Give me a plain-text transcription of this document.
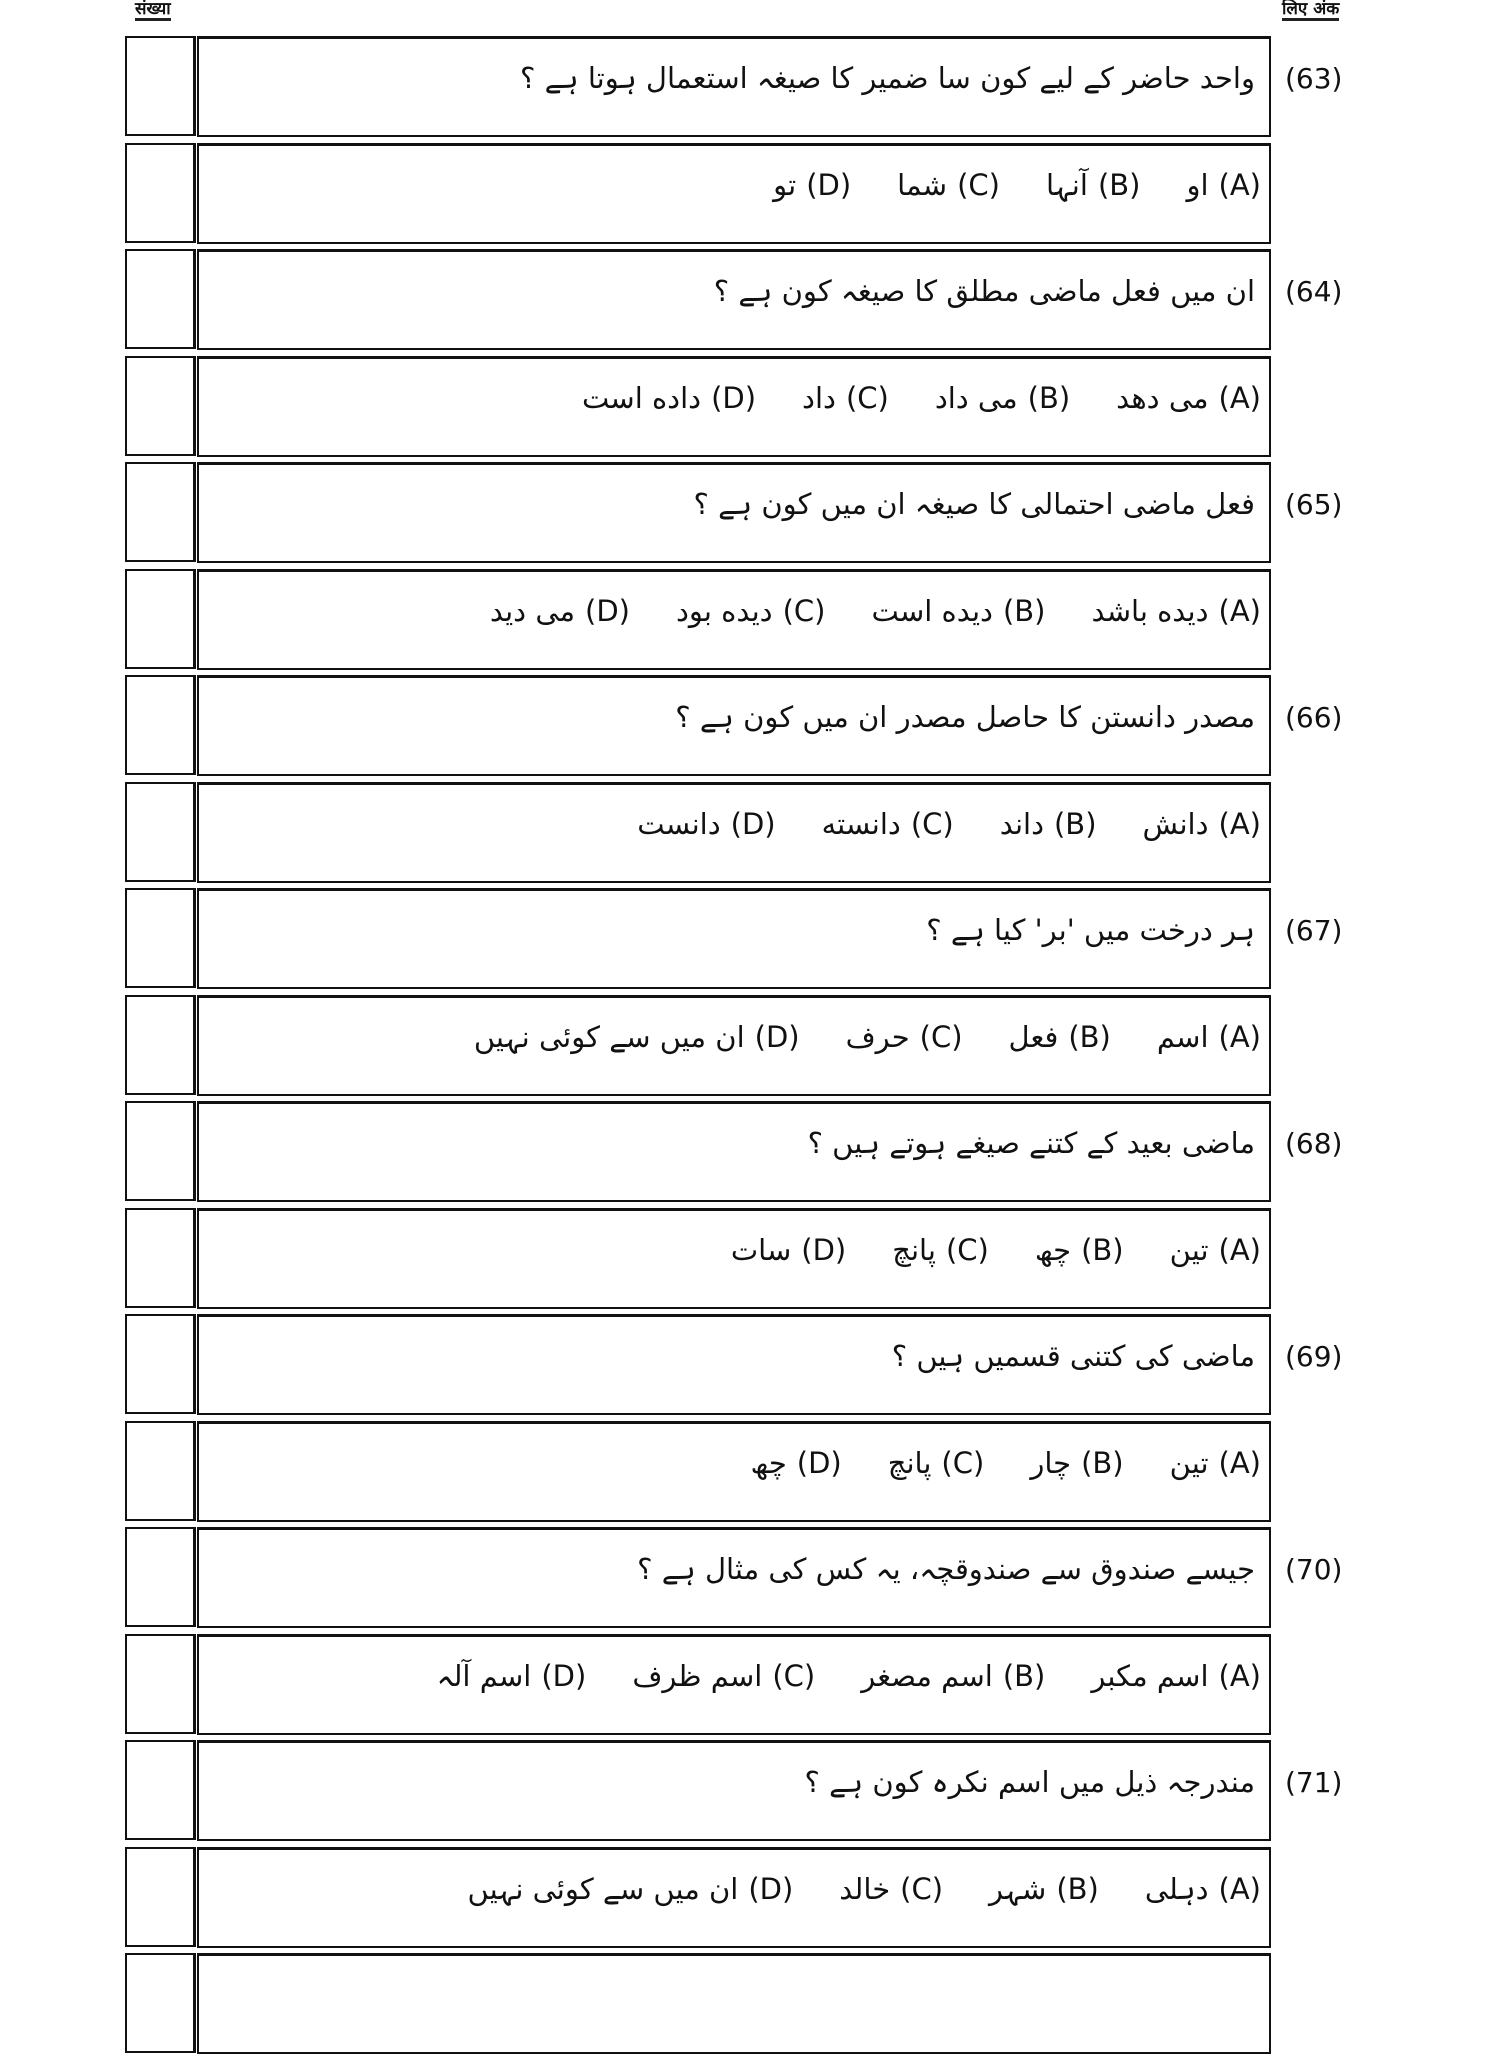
संख्या	लिए अंक
واحد حاضر کے لیے کون سا ضمیر کا صیغہ استعمال ہوتا ہے ؟ (63)
(A)
او
(B)
آنہا
(C)
شما
(D)
تو
ان میں فعل ماضی مطلق کا صیغہ کون ہے ؟ (64)
(A)
می دھد
(B)
می داد
(C)
داد
(D)
داده است
فعل ماضی احتمالی کا صیغہ ان میں کون ہے ؟ (65)
(A)
دیده باشد
(B)
دیده است
(C)
دیده بود
(D)
می دید
مصدر دانستن کا حاصل مصدر ان میں کون ہے ؟ (66)
(A)
دانش
(B)
داند
(C)
دانسته
(D)
دانست
ہر درخت میں 'بر' کیا ہے ؟ (67)
(A)
اسم
(B)
فعل
(C)
حرف
(D)
ان میں سے کوئی نہیں
ماضی بعید کے کتنے صیغے ہوتے ہیں ؟ (68)
(A)
تین
(B)
چھ
(C)
پانچ
(D)
سات
ماضی کی کتنی قسمیں ہیں ؟ (69)
(A)
تین
(B)
چار
(C)
پانچ
(D)
چھ
جیسے صندوق سے صندوقچہ، یہ کس کی مثال ہے ؟ (70)
(A)
اسم مکبر
(B)
اسم مصغر
(C)
اسم ظرف
(D)
اسم آلہ
مندرجہ ذیل میں اسم نکرہ کون ہے ؟ (71)
(A)
دہلی
(B)
شہر
(C)
خالد
(D)
ان میں سے کوئی نہیں
